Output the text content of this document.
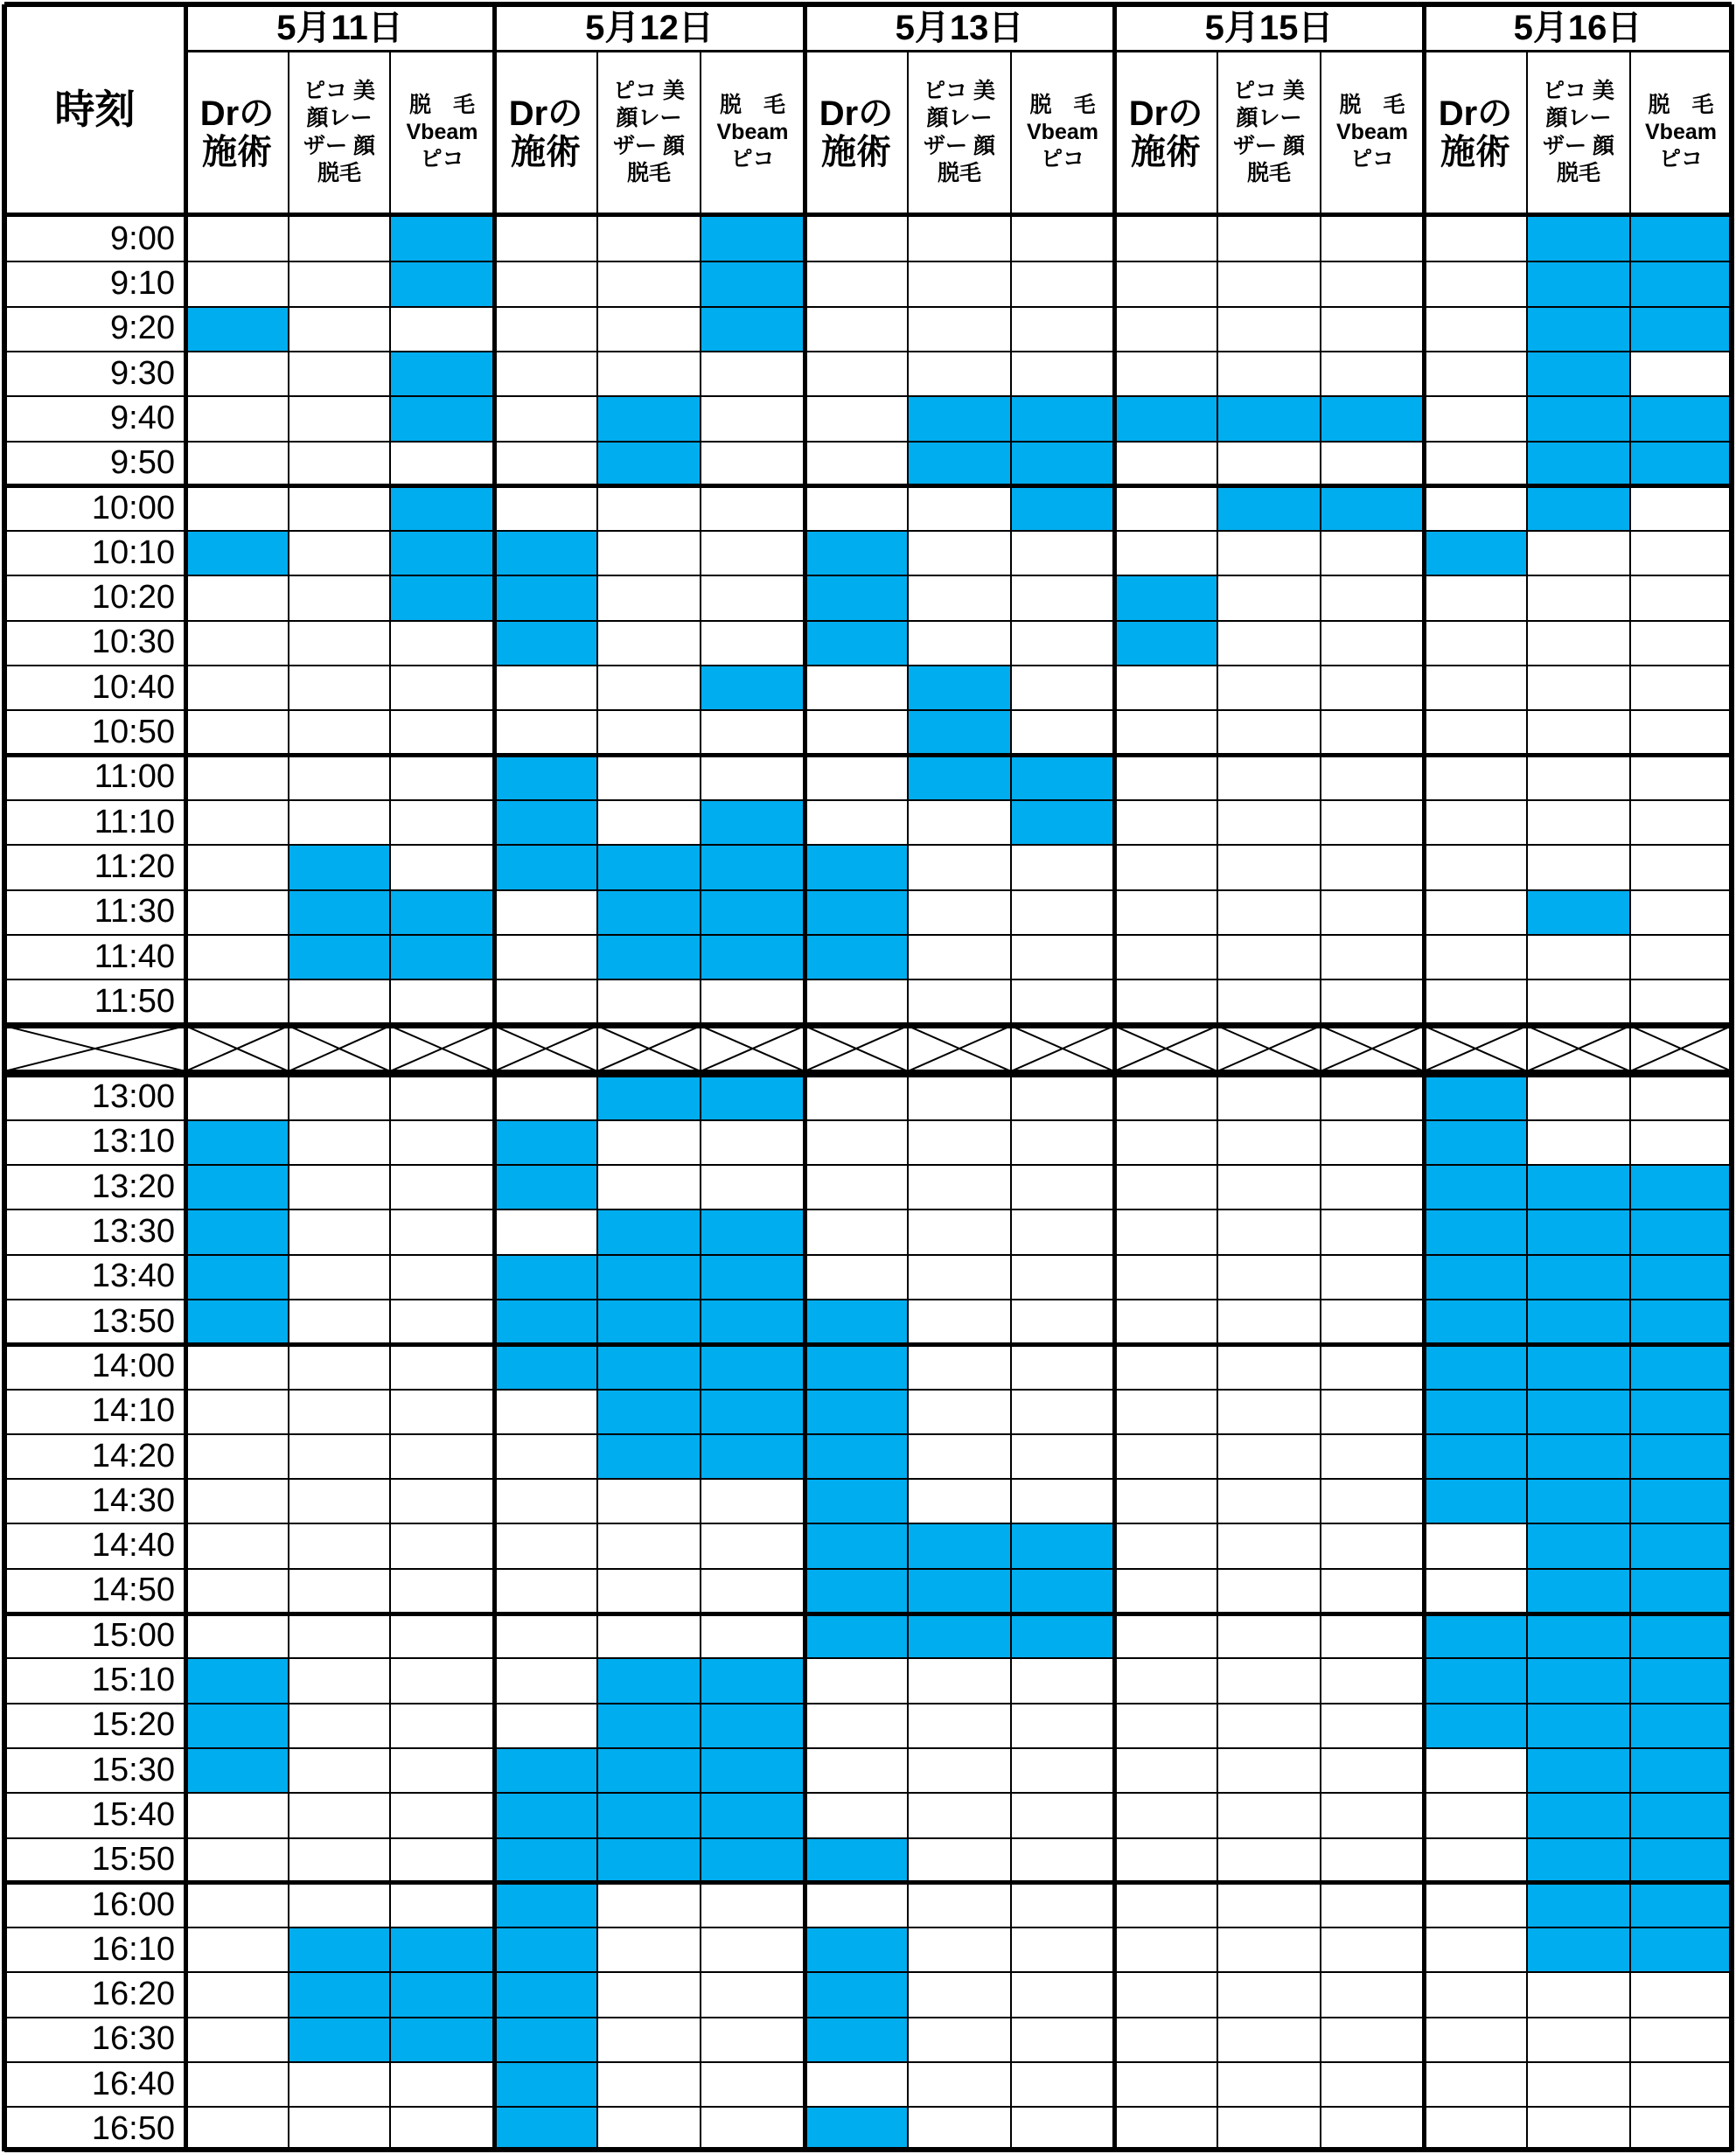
時刻
5月11日
Drの
施術
ピコ 美
顔レー
ザー 顔
脱毛
脱　毛
Vbeam
ピコ
5月12日
Drの
施術
ピコ 美
顔レー
ザー 顔
脱毛
脱　毛
Vbeam
ピコ
5月13日
Drの
施術
ピコ 美
顔レー
ザー 顔
脱毛
脱　毛
Vbeam
ピコ
5月15日
Drの
施術
ピコ 美
顔レー
ザー 顔
脱毛
脱　毛
Vbeam
ピコ
5月16日
Drの
施術
ピコ 美
顔レー
ザー 顔
脱毛
脱　毛
Vbeam
ピコ
9:00
9:10
9:20
9:30
9:40
9:50
10:00
10:10
10:20
10:30
10:40
10:50
11:00
11:10
11:20
11:30
11:40
11:50
13:00
13:10
13:20
13:30
13:40
13:50
14:00
14:10
14:20
14:30
14:40
14:50
15:00
15:10
15:20
15:30
15:40
15:50
16:00
16:10
16:20
16:30
16:40
16:50
